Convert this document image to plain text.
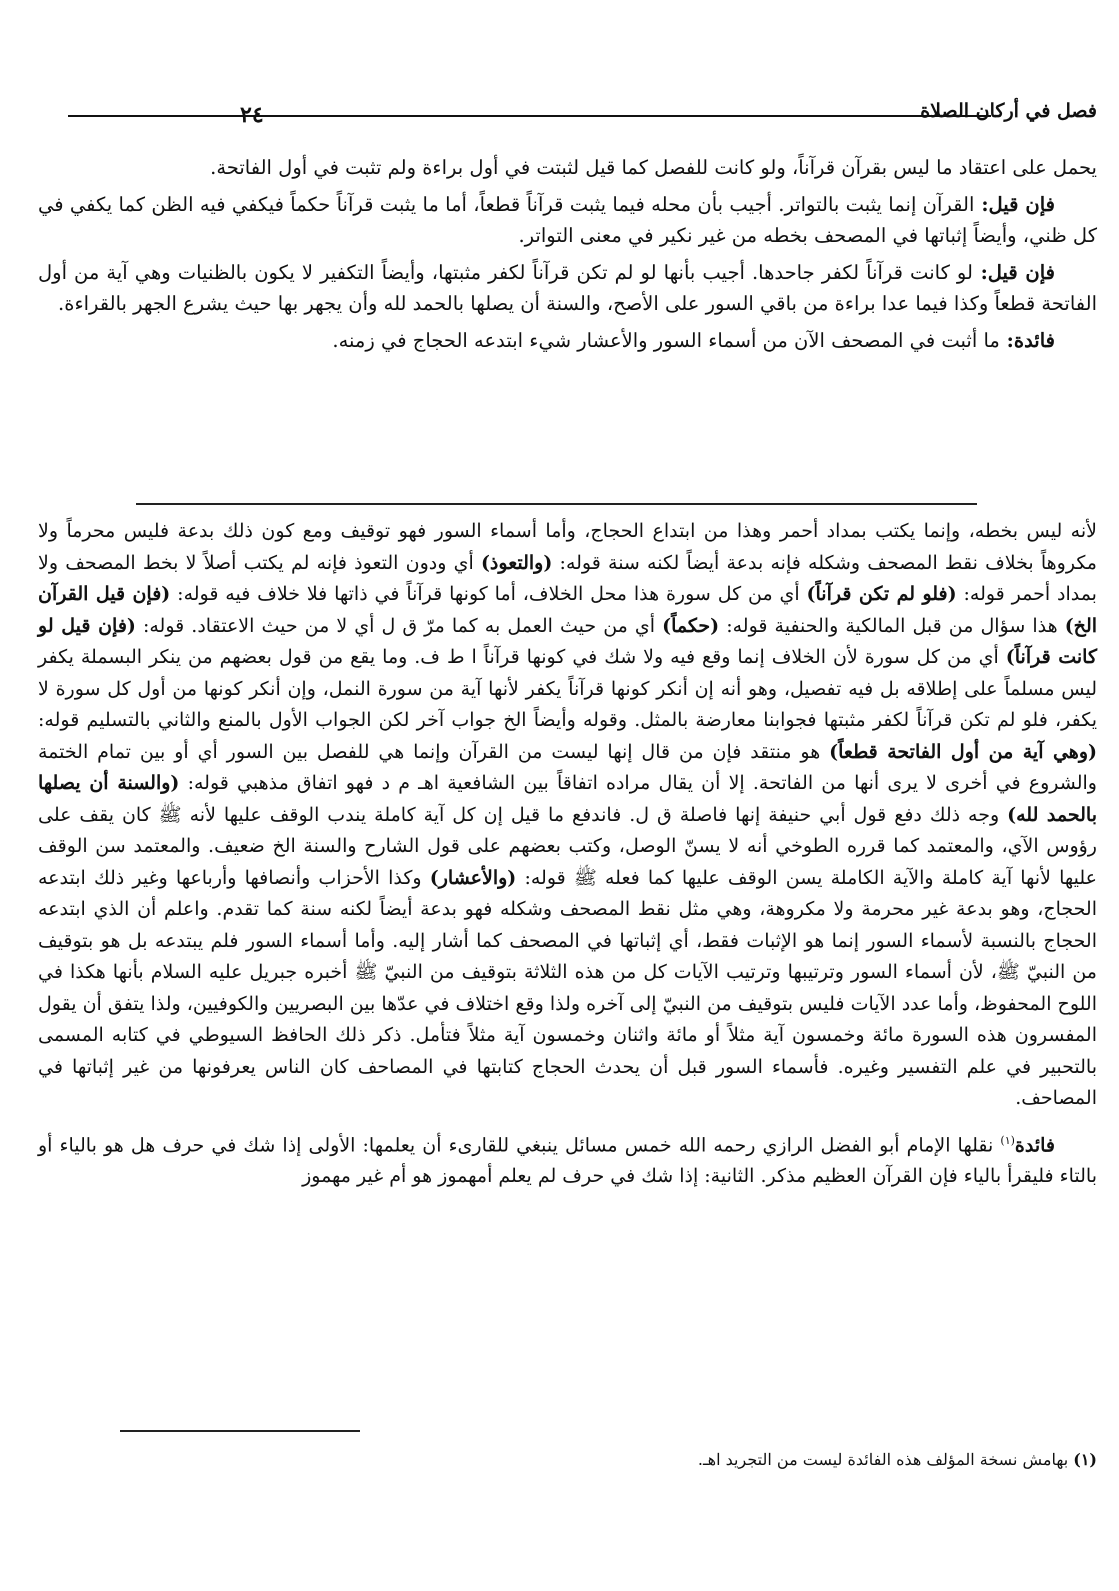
فصل في أركان الصلاة
٢٤

يحمل على اعتقاد ما ليس بقرآن قرآناً، ولو كانت للفصل كما قيل لثبتت في أول براءة ولم تثبت في أول الفاتحة.

فإن قيل: القرآن إنما يثبت بالتواتر. أجيب بأن محله فيما يثبت قرآناً قطعاً، أما ما يثبت قرآناً حكماً فيكفي فيه الظن كما يكفي في كل ظني، وأيضاً إثباتها في المصحف بخطه من غير نكير في معنى التواتر.

فإن قيل: لو كانت قرآناً لكفر جاحدها. أجيب بأنها لو لم تكن قرآناً لكفر مثبتها، وأيضاً التكفير لا يكون بالظنيات وهي آية من أول الفاتحة قطعاً وكذا فيما عدا براءة من باقي السور على الأصح، والسنة أن يصلها بالحمد لله وأن يجهر بها حيث يشرع الجهر بالقراءة.

فائدة: ما أثبت في المصحف الآن من أسماء السور والأعشار شيء ابتدعه الحجاج في زمنه.

لأنه ليس بخطه، وإنما يكتب بمداد أحمر وهذا من ابتداع الحجاج، وأما أسماء السور فهو توقيف ومع كون ذلك بدعة فليس محرماً ولا مكروهاً بخلاف نقط المصحف وشكله فإنه بدعة أيضاً لكنه سنة قوله: (والتعوذ) أي ودون التعوذ فإنه لم يكتب أصلاً لا بخط المصحف ولا بمداد أحمر قوله: (فلو لم تكن قرآناً) أي من كل سورة هذا محل الخلاف، أما كونها قرآناً في ذاتها فلا خلاف فيه قوله: (فإن قيل القرآن الخ) هذا سؤال من قبل المالكية والحنفية قوله: (حكماً) أي من حيث العمل به كما مرّ ق ل أي لا من حيث الاعتقاد. قوله: (فإن قيل لو كانت قرآناً) أي من كل سورة لأن الخلاف إنما وقع فيه ولا شك في كونها قرآناً ا ط ف. وما يقع من قول بعضهم من ينكر البسملة يكفر ليس مسلماً على إطلاقه بل فيه تفصيل، وهو أنه إن أنكر كونها قرآناً يكفر لأنها آية من سورة النمل، وإن أنكر كونها من أول كل سورة لا يكفر، فلو لم تكن قرآناً لكفر مثبتها فجوابنا معارضة بالمثل. وقوله وأيضاً الخ جواب آخر لكن الجواب الأول بالمنع والثاني بالتسليم قوله: (وهي آية من أول الفاتحة قطعاً) هو منتقد فإن من قال إنها ليست من القرآن وإنما هي للفصل بين السور أي أو بين تمام الختمة والشروع في أخرى لا يرى أنها من الفاتحة. إلا أن يقال مراده اتفاقاً بين الشافعية اهـ م د فهو اتفاق مذهبي قوله: (والسنة أن يصلها بالحمد لله) وجه ذلك دفع قول أبي حنيفة إنها فاصلة ق ل. فاندفع ما قيل إن كل آية كاملة يندب الوقف عليها لأنه ﷺ كان يقف على رؤوس الآي، والمعتمد كما قرره الطوخي أنه لا يسنّ الوصل، وكتب بعضهم على قول الشارح والسنة الخ ضعيف. والمعتمد سن الوقف عليها لأنها آية كاملة والآية الكاملة يسن الوقف عليها كما فعله ﷺ قوله: (والأعشار) وكذا الأحزاب وأنصافها وأرباعها وغير ذلك ابتدعه الحجاج، وهو بدعة غير محرمة ولا مكروهة، وهي مثل نقط المصحف وشكله فهو بدعة أيضاً لكنه سنة كما تقدم. واعلم أن الذي ابتدعه الحجاج بالنسبة لأسماء السور إنما هو الإثبات فقط، أي إثباتها في المصحف كما أشار إليه. وأما أسماء السور فلم يبتدعه بل هو بتوقيف من النبيّ ﷺ، لأن أسماء السور وترتيبها وترتيب الآيات كل من هذه الثلاثة بتوقيف من النبيّ ﷺ أخبره جبريل عليه السلام بأنها هكذا في اللوح المحفوظ، وأما عدد الآيات فليس بتوقيف من النبيّ إلى آخره ولذا وقع اختلاف في عدّها بين البصريين والكوفيين، ولذا يتفق أن يقول المفسرون هذه السورة مائة وخمسون آية مثلاً أو مائة واثنان وخمسون آية مثلاً فتأمل. ذكر ذلك الحافظ السيوطي في كتابه المسمى بالتحبير في علم التفسير وغيره. فأسماء السور قبل أن يحدث الحجاج كتابتها في المصاحف كان الناس يعرفونها من غير إثباتها في المصاحف.

فائدة$^{(١)}$ نقلها الإمام أبو الفضل الرازي رحمه الله خمس مسائل ينبغي للقارىء أن يعلمها: الأولى إذا شك في حرف هل هو بالياء أو بالتاء فليقرأ بالياء فإن القرآن العظيم مذكر. الثانية: إذا شك في حرف لم يعلم أمهموز هو أم غير مهموز

(١) بهامش نسخة المؤلف هذه الفائدة ليست من التجريد اهـ.
